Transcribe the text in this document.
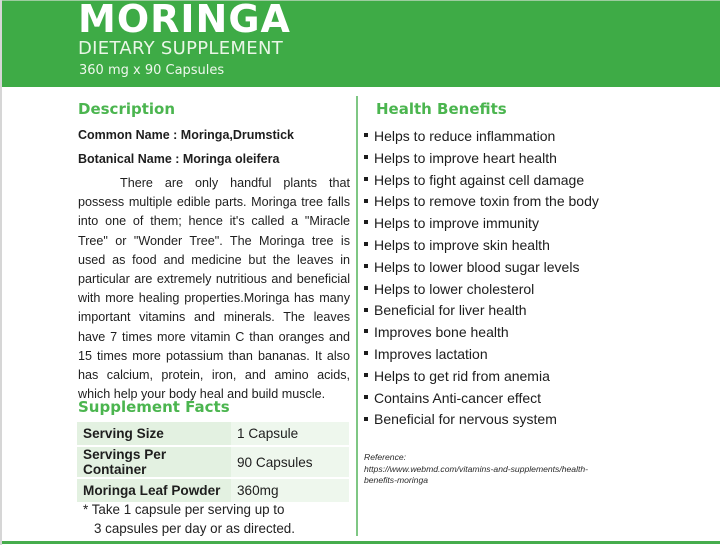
MORINGA
DIETARY SUPPLEMENT
360 mg x 90 Capsules
Description
Common Name : Moringa,Drumstick
Botanical Name : Moringa oleifera
There are only handful plants that possess multiple edible parts. Moringa tree falls into one of them; hence it's called a "Miracle Tree" or "Wonder Tree". The Moringa tree is used as food and medicine but the leaves in particular are extremely nutritious and beneficial with more healing properties.Moringa has many important vitamins and minerals. The leaves have 7 times more vitamin C than oranges and 15 times more potassium than bananas. It also has calcium, protein, iron, and amino acids, which help your body heal and build muscle.
Supplement Facts
Serving Size	1 Capsule
Servings Per Container	90 Capsules
Moringa Leaf Powder	360mg
* Take 1 capsule per serving up to
3 capsules per day or as directed.
Health Benefits
Helps to reduce inflammation
Helps to improve heart health
Helps to fight against cell damage
Helps to remove toxin from the body
Helps to improve immunity
Helps to improve skin health
Helps to lower blood sugar levels
Helps to lower cholesterol
Beneficial for liver health
Improves bone health
Improves lactation
Helps to get rid from anemia
Contains Anti-cancer effect
Beneficial for nervous system
Reference:
https://www.webmd.com/vitamins-and-supplements/health-
benefits-moringa
